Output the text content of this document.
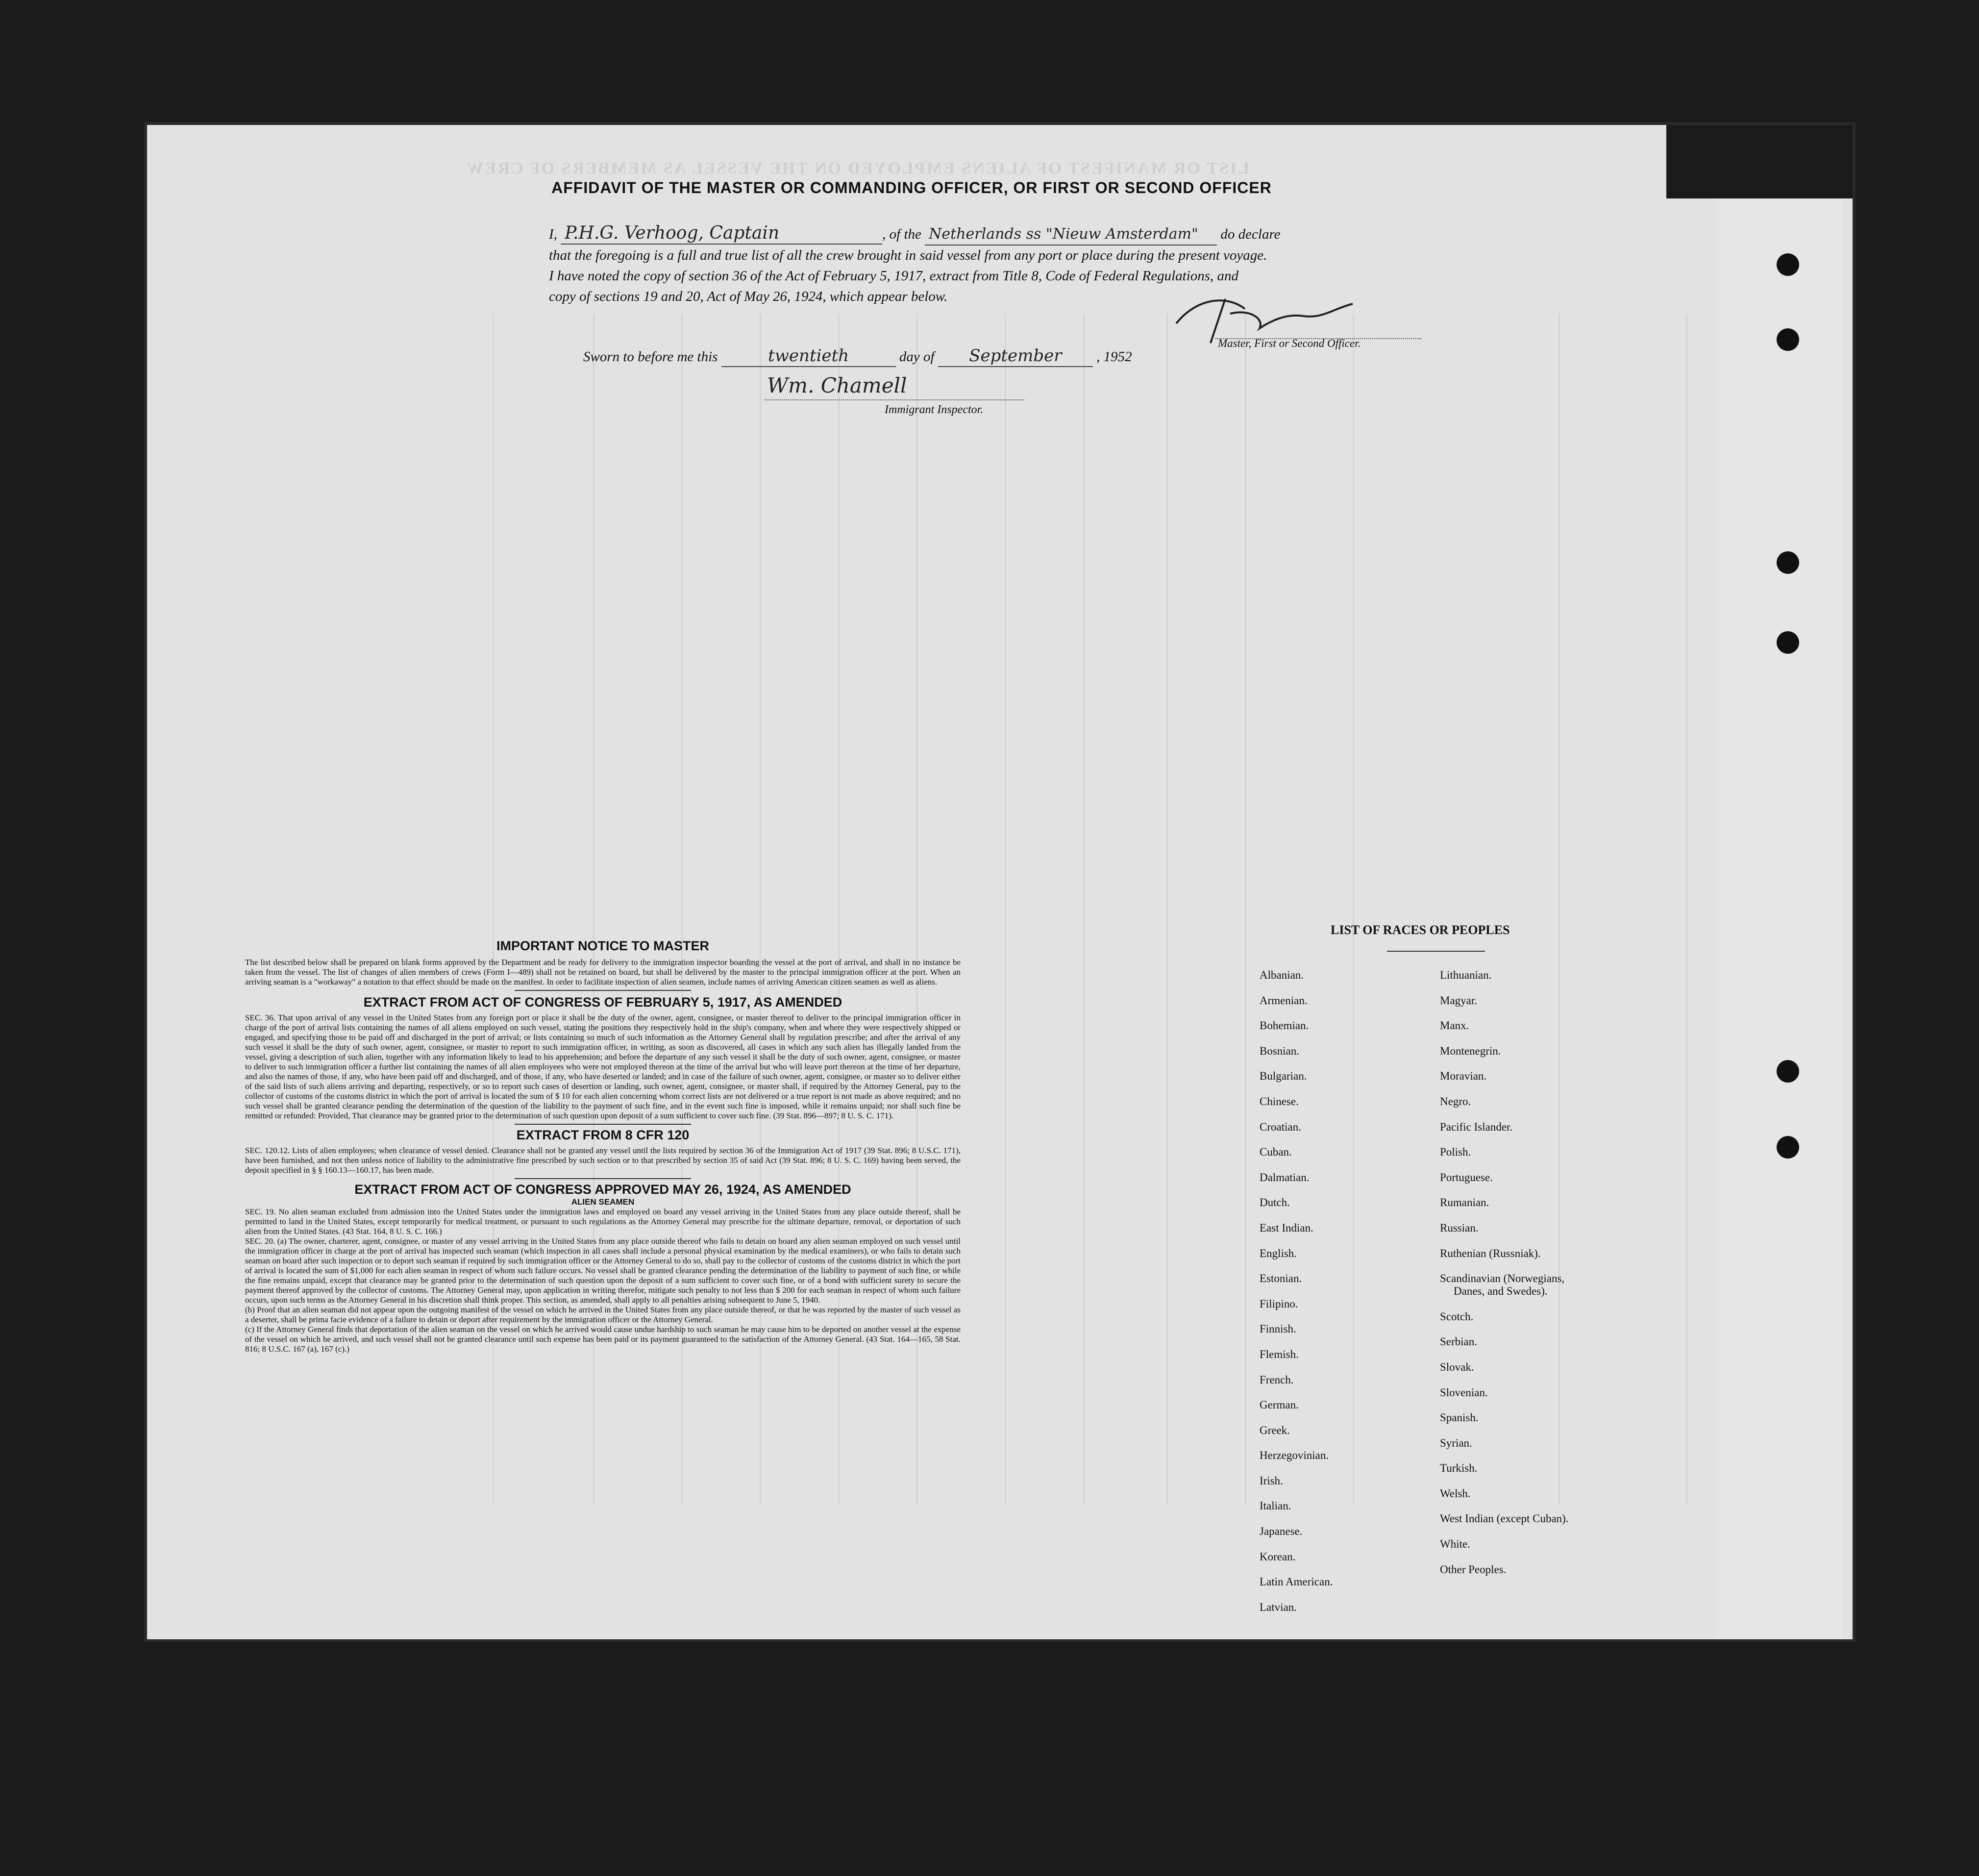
LIST OR MANIFEST OF ALIENS EMPLOYED ON THE VESSEL AS MEMBERS OF CREW
AFFIDAVIT OF THE MASTER OR COMMANDING OFFICER, OR FIRST OR SECOND OFFICER
I, P.H.G. Verhoog, Captain	, of the Netherlands ss "Nieuw Amsterdam" do declare
that the foregoing is a full and true list of all the crew brought in said vessel from any port or place during the present voyage.
I have noted the copy of section 36 of the Act of February 5, 1917, extract from Title 8, Code of Federal Regulations, and
copy of sections 19 and 20, Act of May 26, 1924, which appear below.
Master, First or Second Officer.
Sworn to before me this	twentieth	day of September , 1952
Wm. Chamell
Immigrant Inspector.
IMPORTANT NOTICE TO MASTER

The list described below shall be prepared on blank forms approved by the Department and be ready for delivery to the immigration inspector boarding the vessel at the port of arrival, and shall in no instance be taken from the vessel. The list of changes of alien members of crews (Form I—489) shall not be retained on board, but shall be delivered by the master to the principal immigration officer at the port. When an arriving seaman is a "workaway" a notation to that effect should be made on the manifest. In order to facilitate inspection of alien seamen, include names of arriving American citizen seamen as well as aliens.

EXTRACT FROM ACT OF CONGRESS OF FEBRUARY 5, 1917, AS AMENDED

SEC. 36. That upon arrival of any vessel in the United States from any foreign port or place it shall be the duty of the owner, agent, consignee, or master thereof to deliver to the principal immigration officer in charge of the port of arrival lists containing the names of all aliens employed on such vessel, stating the positions they respectively hold in the ship's company, when and where they were respectively shipped or engaged, and specifying those to be paid off and discharged in the port of arrival; or lists containing so much of such information as the Attorney General shall by regulation prescribe; and after the arrival of any such vessel it shall be the duty of such owner, agent, consignee, or master to report to such immigration officer, in writing, as soon as discovered, all cases in which any such alien has illegally landed from the vessel, giving a description of such alien, together with any information likely to lead to his apprehension; and before the departure of any such vessel it shall be the duty of such owner, agent, consignee, or master to deliver to such immigration officer a further list containing the names of all alien employees who were not employed thereon at the time of the arrival but who will leave port thereon at the time of her departure, and also the names of those, if any, who have been paid off and discharged, and of those, if any, who have deserted or landed; and in case of the failure of such owner, agent, consignee, or master so to deliver either of the said lists of such aliens arriving and departing, respectively, or so to report such cases of desertion or landing, such owner, agent, consignee, or master shall, if required by the Attorney General, pay to the collector of customs of the customs district in which the port of arrival is located the sum of $ 10 for each alien concerning whom correct lists are not delivered or a true report is not made as above required; and no such vessel shall be granted clearance pending the determination of the question of the liability to the payment of such fine, and in the event such fine is imposed, while it remains unpaid; nor shall such fine be remitted or refunded: Provided, That clearance may be granted prior to the determination of such question upon deposit of a sum sufficient to cover such fine. (39 Stat. 896—897; 8 U. S. C. 171).

EXTRACT FROM 8 CFR 120

SEC. 120.12. Lists of alien employees; when clearance of vessel denied. Clearance shall not be granted any vessel until the lists required by section 36 of the Immigration Act of 1917 (39 Stat. 896; 8 U.S.C. 171), have been furnished, and not then unless notice of liability to the administrative fine prescribed by such section or to that prescribed by section 35 of said Act (39 Stat. 896; 8 U. S. C. 169) having been served, the deposit specified in § § 160.13—160.17, has been made.

EXTRACT FROM ACT OF CONGRESS APPROVED MAY 26, 1924, AS AMENDED
ALIEN SEAMEN

SEC. 19. No alien seaman excluded from admission into the United States under the immigration laws and employed on board any vessel arriving in the United States from any place outside thereof, shall be permitted to land in the United States, except temporarily for medical treatment, or pursuant to such regulations as the Attorney General may prescribe for the ultimate departure, removal, or deportation of such alien from the United States. (43 Stat. 164, 8 U. S. C. 166.)

SEC. 20. (a) The owner, charterer, agent, consignee, or master of any vessel arriving in the United States from any place outside thereof who fails to detain on board any alien seaman employed on such vessel until the immigration officer in charge at the port of arrival has inspected such seaman (which inspection in all cases shall include a personal physical examination by the medical examiners), or who fails to detain such seaman on board after such inspection or to deport such seaman if required by such immigration officer or the Attorney General to do so, shall pay to the collector of customs of the customs district in which the port of arrival is located the sum of $1,000 for each alien seaman in respect of whom such failure occurs. No vessel shall be granted clearance pending the determination of the liability to payment of such fine, or while the fine remains unpaid, except that clearance may be granted prior to the determination of such question upon the deposit of a sum sufficient to cover such fine, or of a bond with sufficient surety to secure the payment thereof approved by the collector of customs. The Attorney General may, upon application in writing therefor, mitigate such penalty to not less than $ 200 for each seaman in respect of whom such failure occurs, upon such terms as the Attorney General in his discretion shall think proper. This section, as amended, shall apply to all penalties arising subsequent to June 5, 1940.

(b) Proof that an alien seaman did not appear upon the outgoing manifest of the vessel on which he arrived in the United States from any place outside thereof, or that he was reported by the master of such vessel as a deserter, shall be prima facie evidence of a failure to detain or deport after requirement by the immigration officer or the Attorney General.

(c) If the Attorney General finds that deportation of the alien seaman on the vessel on which he arrived would cause undue hardship to such seaman he may cause him to be deported on another vessel at the expense of the vessel on which he arrived, and such vessel shall not be granted clearance until such expense has been paid or its payment guaranteed to the satisfaction of the Attorney General. (43 Stat. 164—165, 58 Stat. 816; 8 U.S.C. 167 (a), 167 (c).)

LIST OF RACES OR PEOPLES
Albanian.
Armenian.
Bohemian.
Bosnian.
Bulgarian.
Chinese.
Croatian.
Cuban.
Dalmatian.
Dutch.
East Indian.
English.
Estonian.
Filipino.
Finnish.
Flemish.
French.
German.
Greek.
Herzegovinian.
Irish.
Italian.
Japanese.
Korean.
Latin American.
Latvian.
Lithuanian.
Magyar.
Manx.
Montenegrin.
Moravian.
Negro.
Pacific Islander.
Polish.
Portuguese.
Rumanian.
Russian.
Ruthenian (Russniak).
Scandinavian (Norwegians,
Danes, and Swedes).
Scotch.
Serbian.
Slovak.
Slovenian.
Spanish.
Syrian.
Turkish.
Welsh.
West Indian (except Cuban).
White.
Other Peoples.
